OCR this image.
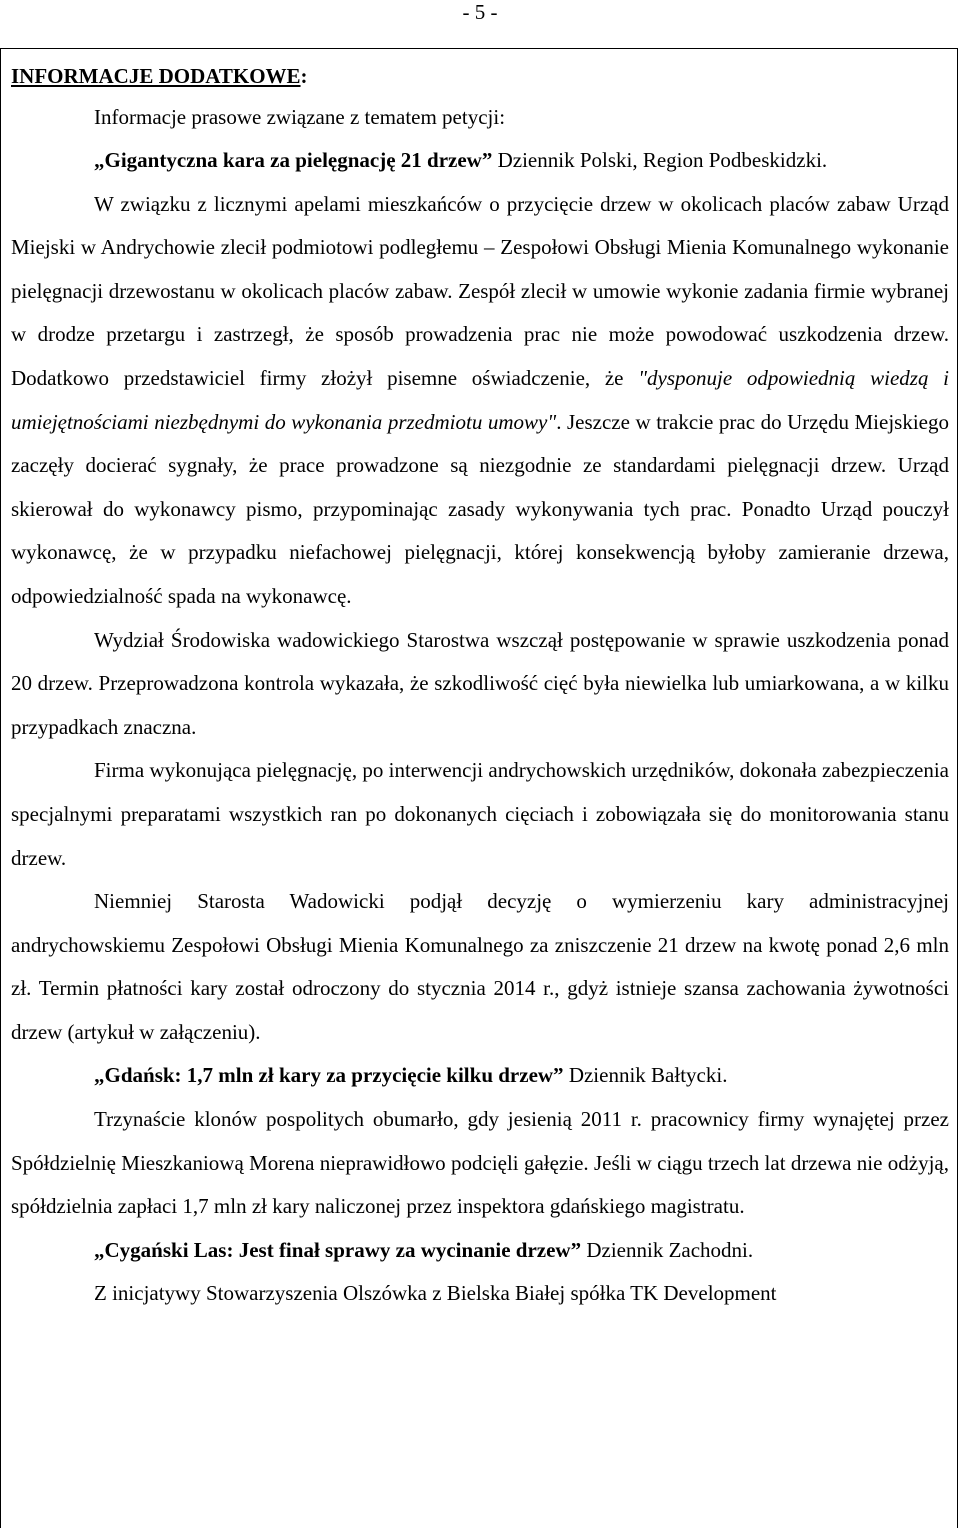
- 5 -

INFORMACJE DODATKOWE:

Informacje prasowe związane z tematem petycji:

„Gigantyczna kara za pielęgnację 21 drzew” Dziennik Polski, Region Podbeskidzki.

W związku z licznymi apelami mieszkańców o przycięcie drzew w okolicach placów zabaw Urząd Miejski w Andrychowie zlecił podmiotowi podległemu – Zespołowi Obsługi Mienia Komunalnego wykonanie pielęgnacji drzewostanu w okolicach placów zabaw. Zespół zlecił w umowie wykonie zadania firmie wybranej w drodze przetargu i zastrzegł, że sposób prowadzenia prac nie może powodować uszkodzenia drzew. Dodatkowo przedstawiciel firmy złożył pisemne oświadczenie, że "dysponuje odpowiednią wiedzą i umiejętnościami niezbędnymi do wykonania przedmiotu umowy". Jeszcze w trakcie prac do Urzędu Miejskiego zaczęły docierać sygnały, że prace prowadzone są niezgodnie ze standardami pielęgnacji drzew. Urząd skierował do wykonawcy pismo, przypominając zasady wykonywania tych prac. Ponadto Urząd pouczył wykonawcę, że w przypadku niefachowej pielęgnacji, której konsekwencją byłoby zamieranie drzewa, odpowiedzialność spada na wykonawcę.

Wydział Środowiska wadowickiego Starostwa wszczął postępowanie w sprawie uszkodzenia ponad 20 drzew. Przeprowadzona kontrola wykazała, że szkodliwość cięć była niewielka lub umiarkowana, a w kilku przypadkach znaczna.

Firma wykonująca pielęgnację, po interwencji andrychowskich urzędników, dokonała zabezpieczenia specjalnymi preparatami wszystkich ran po dokonanych cięciach i zobowiązała się do monitorowania stanu drzew.

Niemniej Starosta Wadowicki podjął decyzję o wymierzeniu kary administracyjnej andrychowskiemu Zespołowi Obsługi Mienia Komunalnego za zniszczenie 21 drzew na kwotę ponad 2,6 mln zł. Termin płatności kary został odroczony do stycznia 2014 r., gdyż istnieje szansa zachowania żywotności drzew (artykuł w załączeniu).

„Gdańsk: 1,7 mln zł kary za przycięcie kilku drzew” Dziennik Bałtycki.

Trzynaście klonów pospolitych obumarło, gdy jesienią 2011 r. pracownicy firmy wynajętej przez Spółdzielnię Mieszkaniową Morena nieprawidłowo podcięli gałęzie. Jeśli w ciągu trzech lat drzewa nie odżyją, spółdzielnia zapłaci 1,7 mln zł kary naliczonej przez inspektora gdańskiego magistratu.

„Cygański Las: Jest finał sprawy za wycinanie drzew” Dziennik Zachodni.

Z inicjatywy Stowarzyszenia Olszówka z Bielska Białej spółka TK Development
